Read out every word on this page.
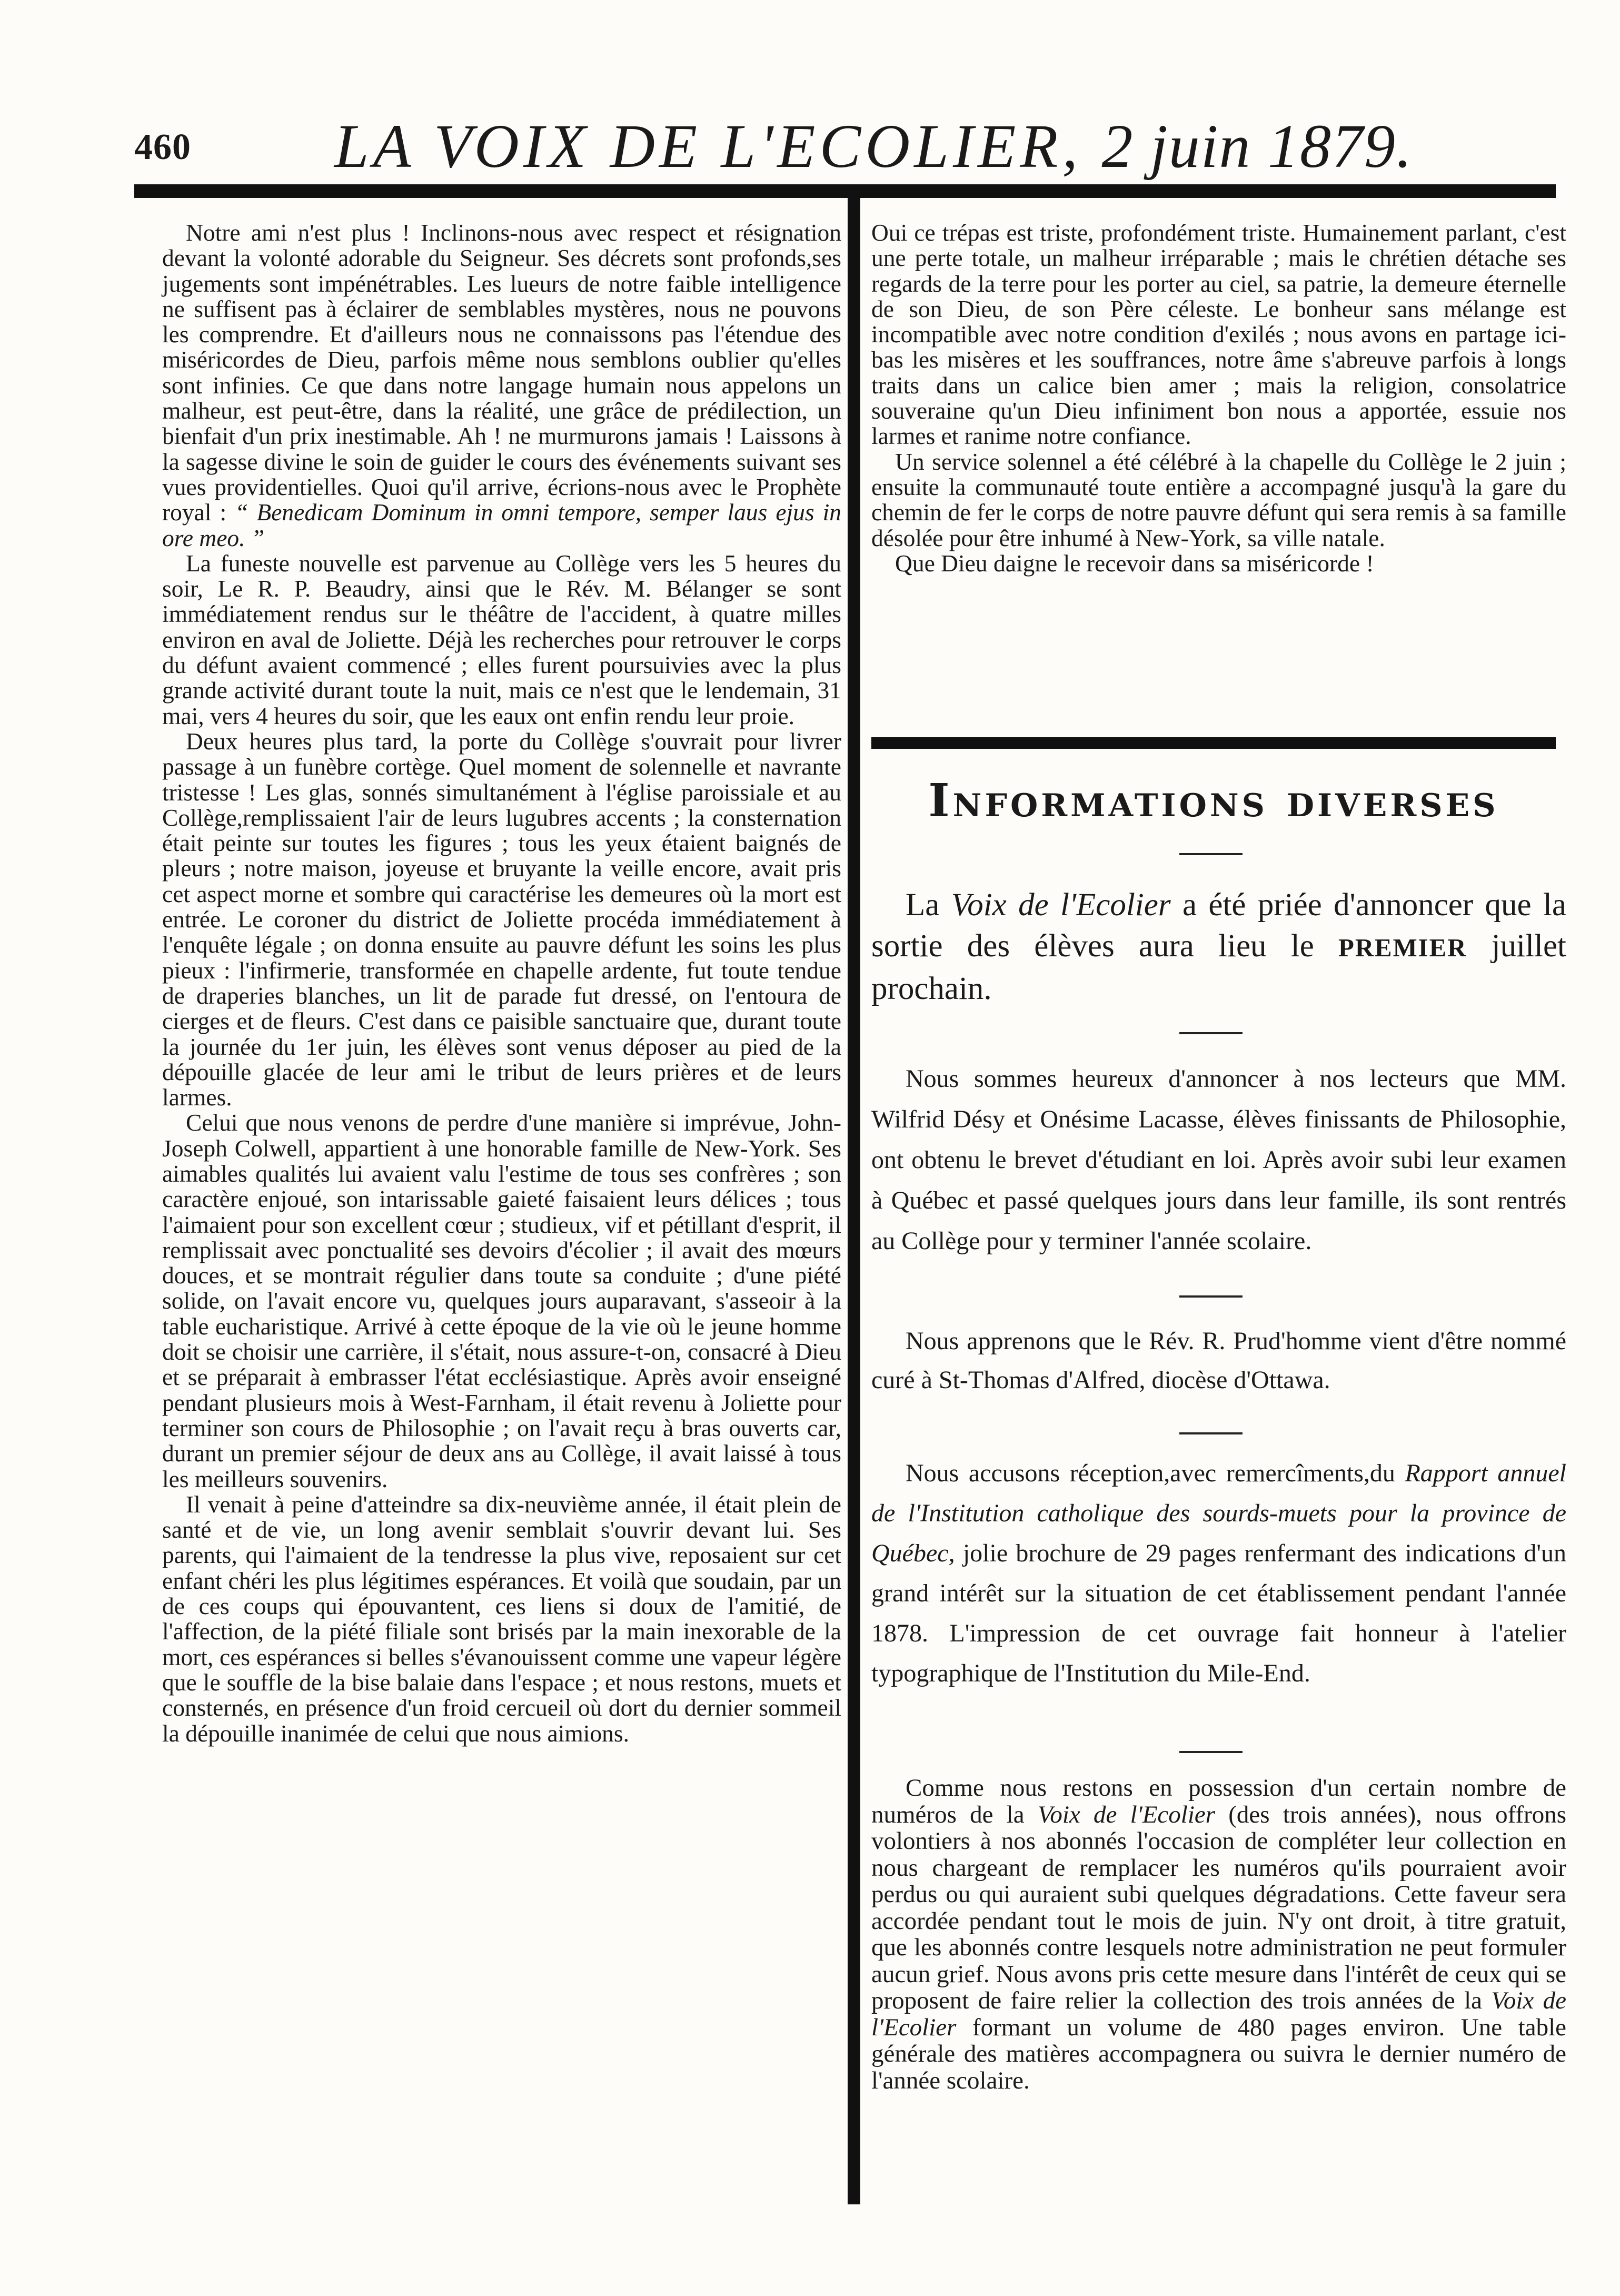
460 LA VOIX DE L'ECOLIER, 2 juin 1879.

Notre ami n'est plus ! Inclinons-nous avec respect et résignation devant la volonté adorable du Seigneur. Ses décrets sont profonds,ses jugements sont impénétrables. Les lueurs de notre faible intelligence ne suffisent pas à éclairer de semblables mystères, nous ne pouvons les comprendre. Et d'ailleurs nous ne connaissons pas l'étendue des miséricordes de Dieu, parfois même nous semblons oublier qu'elles sont infinies. Ce que dans notre langage humain nous appelons un malheur, est peut-être, dans la réalité, une grâce de prédilection, un bienfait d'un prix inestimable. Ah ! ne murmurons jamais ! Laissons à la sagesse divine le soin de guider le cours des événements suivant ses vues providentielles. Quoi qu'il arrive, écrions-nous avec le Prophète royal : “ Benedicam Dominum in omni tempore, semper laus ejus in ore meo. ”

La funeste nouvelle est parvenue au Collège vers les 5 heures du soir, Le R. P. Beaudry, ainsi que le Rév. M. Bélanger se sont immédiatement rendus sur le théâtre de l'accident, à quatre milles environ en aval de Joliette. Déjà les recherches pour retrouver le corps du défunt avaient commencé ; elles furent poursuivies avec la plus grande activité durant toute la nuit, mais ce n'est que le lendemain, 31 mai, vers 4 heures du soir, que les eaux ont enfin rendu leur proie.

Deux heures plus tard, la porte du Collège s'ouvrait pour livrer passage à un funèbre cortège. Quel moment de solennelle et navrante tristesse ! Les glas, sonnés simultanément à l'église paroissiale et au Collège,remplissaient l'air de leurs lugubres accents ; la consternation était peinte sur toutes les figures ; tous les yeux étaient baignés de pleurs ; notre maison, joyeuse et bruyante la veille encore, avait pris cet aspect morne et sombre qui caractérise les demeures où la mort est entrée. Le coroner du district de Joliette procéda immédiatement à l'enquête légale ; on donna ensuite au pauvre défunt les soins les plus pieux : l'infirmerie, transformée en chapelle ardente, fut toute tendue de draperies blanches, un lit de parade fut dressé, on l'entoura de cierges et de fleurs. C'est dans ce paisible sanctuaire que, durant toute la journée du 1er juin, les élèves sont venus déposer au pied de la dépouille glacée de leur ami le tribut de leurs prières et de leurs larmes.

Celui que nous venons de perdre d'une manière si imprévue, John-Joseph Colwell, appartient à une honorable famille de New-York. Ses aimables qualités lui avaient valu l'estime de tous ses confrères ; son caractère enjoué, son intarissable gaieté faisaient leurs délices ; tous l'aimaient pour son excellent cœur ; studieux, vif et pétillant d'esprit, il remplissait avec ponctualité ses devoirs d'écolier ; il avait des mœurs douces, et se montrait régulier dans toute sa conduite ; d'une piété solide, on l'avait encore vu, quelques jours auparavant, s'asseoir à la table eucharistique. Arrivé à cette époque de la vie où le jeune homme doit se choisir une carrière, il s'était, nous assure-t-on, consacré à Dieu et se préparait à embrasser l'état ecclésiastique. Après avoir enseigné pendant plusieurs mois à West-Farnham, il était revenu à Joliette pour terminer son cours de Philosophie ; on l'avait reçu à bras ouverts car, durant un premier séjour de deux ans au Collège, il avait laissé à tous les meilleurs souvenirs.

Il venait à peine d'atteindre sa dix-neuvième année, il était plein de santé et de vie, un long avenir semblait s'ouvrir devant lui. Ses parents, qui l'aimaient de la tendresse la plus vive, reposaient sur cet enfant chéri les plus légitimes espérances. Et voilà que soudain, par un de ces coups qui épouvantent, ces liens si doux de l'amitié, de l'affection, de la piété filiale sont brisés par la main inexorable de la mort, ces espérances si belles s'évanouissent comme une vapeur légère que le souffle de la bise balaie dans l'espace ; et nous restons, muets et consternés, en présence d'un froid cercueil où dort du dernier sommeil la dépouille inanimée de celui que nous aimions.

Oui ce trépas est triste, profondément triste. Humainement parlant, c'est une perte totale, un malheur irréparable ; mais le chrétien détache ses regards de la terre pour les porter au ciel, sa patrie, la demeure éternelle de son Dieu, de son Père céleste. Le bonheur sans mélange est incompatible avec notre condition d'exilés ; nous avons en partage ici-bas les misères et les souffrances, notre âme s'abreuve parfois à longs traits dans un calice bien amer ; mais la religion, consolatrice souveraine qu'un Dieu infiniment bon nous a apportée, essuie nos larmes et ranime notre confiance.

Un service solennel a été célébré à la chapelle du Collège le 2 juin ; ensuite la communauté toute entière a accompagné jusqu'à la gare du chemin de fer le corps de notre pauvre défunt qui sera remis à sa famille désolée pour être inhumé à New-York, sa ville natale.

Que Dieu daigne le recevoir dans sa miséricorde !

Informations diverses

La Voix de l'Ecolier a été priée d'annoncer que la sortie des élèves aura lieu le PREMIER juillet prochain.

Nous sommes heureux d'annoncer à nos lecteurs que MM. Wilfrid Désy et Onésime Lacasse, élèves finissants de Philosophie, ont obtenu le brevet d'étudiant en loi. Après avoir subi leur examen à Québec et passé quelques jours dans leur famille, ils sont rentrés au Collège pour y terminer l'année scolaire.

Nous apprenons que le Rév. R. Prud'homme vient d'être nommé curé à St-Thomas d'Alfred, diocèse d'Ottawa.

Nous accusons réception,avec remercîments,du Rapport annuel de l'Institution catholique des sourds-muets pour la province de Québec, jolie brochure de 29 pages renfermant des indications d'un grand intérêt sur la situation de cet établissement pendant l'année 1878. L'impression de cet ouvrage fait honneur à l'atelier typographique de l'Institution du Mile-End.

Comme nous restons en possession d'un certain nombre de numéros de la Voix de l'Ecolier (des trois années), nous offrons volontiers à nos abonnés l'occasion de compléter leur collection en nous chargeant de remplacer les numéros qu'ils pourraient avoir perdus ou qui auraient subi quelques dégradations. Cette faveur sera accordée pendant tout le mois de juin. N'y ont droit, à titre gratuit, que les abonnés contre lesquels notre administration ne peut formuler aucun grief. Nous avons pris cette mesure dans l'intérêt de ceux qui se proposent de faire relier la collection des trois années de la Voix de l'Ecolier formant un volume de 480 pages environ. Une table générale des matières accompagnera ou suivra le dernier numéro de l'année scolaire.
